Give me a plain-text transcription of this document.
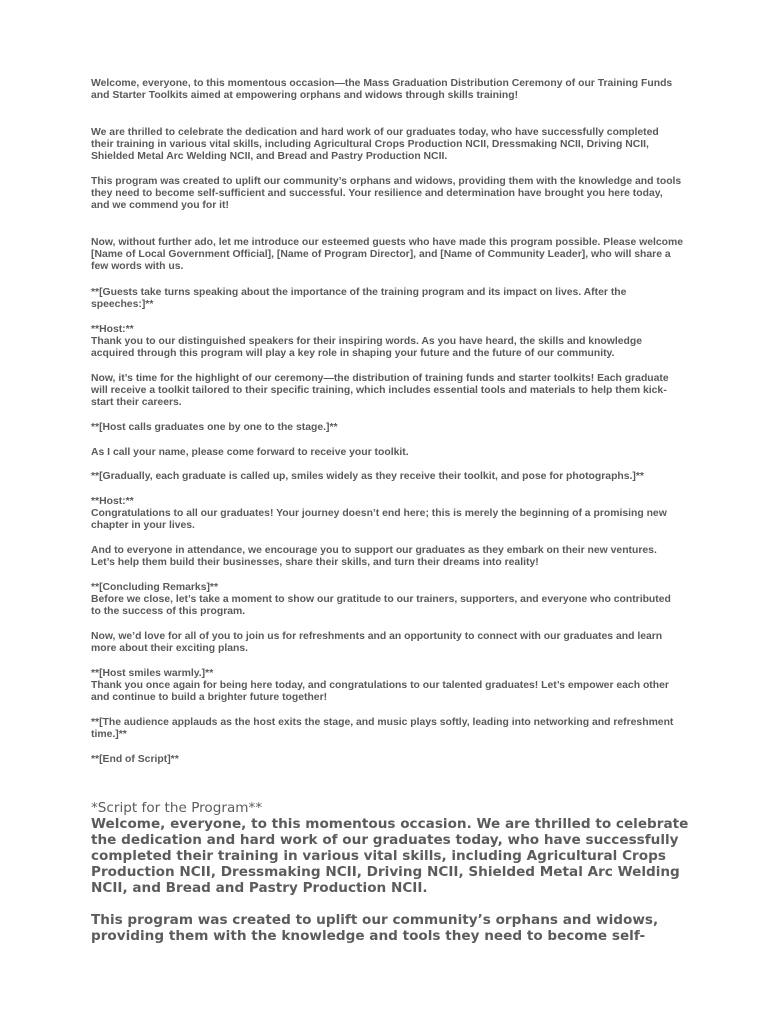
Welcome, everyone, to this momentous occasion—the Mass Graduation Distribution Ceremony of our Training Funds and Starter Toolkits aimed at empowering orphans and widows through skills training!

We are thrilled to celebrate the dedication and hard work of our graduates today, who have successfully completed their training in various vital skills, including Agricultural Crops Production NCII, Dressmaking NCII, Driving NCII, Shielded Metal Arc Welding NCII, and Bread and Pastry Production NCII.

This program was created to uplift our community’s orphans and widows, providing them with the knowledge and tools they need to become self-sufficient and successful. Your resilience and determination have brought you here today, and we commend you for it!

Now, without further ado, let me introduce our esteemed guests who have made this program possible. Please welcome [Name of Local Government Official], [Name of Program Director], and [Name of Community Leader], who will share a few words with us.

**[Guests take turns speaking about the importance of the training program and its impact on lives. After the speeches:]**

**Host:**

Thank you to our distinguished speakers for their inspiring words. As you have heard, the skills and knowledge acquired through this program will play a key role in shaping your future and the future of our community.

Now, it’s time for the highlight of our ceremony—the distribution of training funds and starter toolkits! Each graduate will receive a toolkit tailored to their specific training, which includes essential tools and materials to help them kick-start their careers.

**[Host calls graduates one by one to the stage.]**

As I call your name, please come forward to receive your toolkit.

**[Gradually, each graduate is called up, smiles widely as they receive their toolkit, and pose for photographs.]**

**Host:**

Congratulations to all our graduates! Your journey doesn’t end here; this is merely the beginning of a promising new chapter in your lives.

And to everyone in attendance, we encourage you to support our graduates as they embark on their new ventures. Let’s help them build their businesses, share their skills, and turn their dreams into reality!

**[Concluding Remarks]**

Before we close, let’s take a moment to show our gratitude to our trainers, supporters, and everyone who contributed to the success of this program.

Now, we’d love for all of you to join us for refreshments and an opportunity to connect with our graduates and learn more about their exciting plans.

**[Host smiles warmly.]**

Thank you once again for being here today, and congratulations to our talented graduates! Let’s empower each other and continue to build a brighter future together!

**[The audience applauds as the host exits the stage, and music plays softly, leading into networking and refreshment time.]**

**[End of Script]**

*Script for the Program**

Welcome, everyone, to this momentous occasion. We are thrilled to celebrate the dedication and hard work of our graduates today, who have successfully completed their training in various vital skills, including Agricultural Crops Production NCII, Dressmaking NCII, Driving NCII, Shielded Metal Arc Welding NCII, and Bread and Pastry Production NCII.

This program was created to uplift our community’s orphans and widows, providing them with the knowledge and tools they need to become self-
